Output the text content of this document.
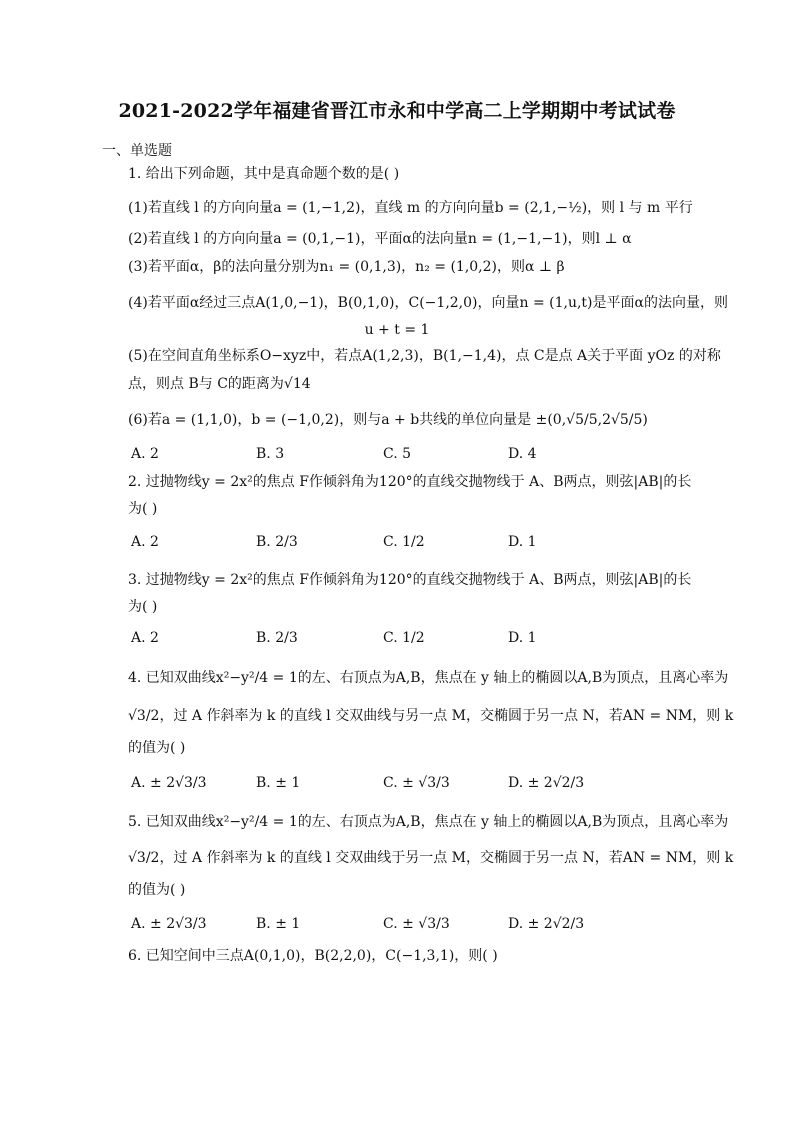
2021-2022学年福建省晋江市永和中学高二上学期期中考试试卷
一、单选题
1. 给出下列命题，其中是真命题个数的是( )
(1)若直线 l 的方向向量a = (1,−1,2)，直线 m 的方向向量b = (2,1,−½)，则 l 与 m 平行
(2)若直线 l 的方向向量a = (0,1,−1)，平面α的法向量n = (1,−1,−1)，则l ⊥ α
(3)若平面α，β的法向量分别为n₁ = (0,1,3)，n₂ = (1,0,2)，则α ⊥ β
(4)若平面α经过三点A(1,0,−1)，B(0,1,0)，C(−1,2,0)，向量n = (1,u,t)是平面α的法向量，则
u + t = 1
(5)在空间直角坐标系O−xyz中，若点A(1,2,3)，B(1,−1,4)，点 C是点 A关于平面 yOz 的对称
点，则点 B与 C的距离为√14
(6)若a = (1,1,0)，b = (−1,0,2)，则与a + b共线的单位向量是 ±(0,√5/5,2√5/5)
A. 2	B. 3	C. 5	D. 4
2. 过抛物线y = 2x²的焦点 F作倾斜角为120°的直线交抛物线于 A、B两点，则弦|AB|的长
为( )
A. 2	B. 2/3	C. 1/2	D. 1
3. 过抛物线y = 2x²的焦点 F作倾斜角为120°的直线交抛物线于 A、B两点，则弦|AB|的长
为( )
A. 2	B. 2/3	C. 1/2	D. 1
4. 已知双曲线x²−y²/4 = 1的左、右顶点为A,B，焦点在 y 轴上的椭圆以A,B为顶点，且离心率为
√3/2，过 A 作斜率为 k 的直线 l 交双曲线与另一点 M，交椭圆于另一点 N，若AN = NM，则 k
的值为( )
A. ± 2√3/3	B. ± 1	C. ± √3/3	D. ± 2√2/3
5. 已知双曲线x²−y²/4 = 1的左、右顶点为A,B，焦点在 y 轴上的椭圆以A,B为顶点，且离心率为
√3/2，过 A 作斜率为 k 的直线 l 交双曲线于另一点 M，交椭圆于另一点 N，若AN = NM，则 k
的值为( )
A. ± 2√3/3	B. ± 1	C. ± √3/3	D. ± 2√2/3
6. 已知空间中三点A(0,1,0)，B(2,2,0)，C(−1,3,1)，则( )
